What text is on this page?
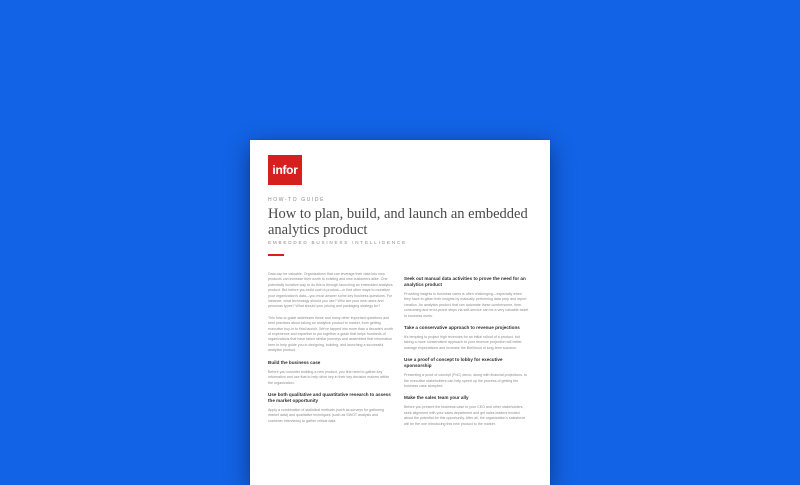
infor
HOW-TO GUIDE
How to plan, build, and launch an embedded analytics product
EMBEDDED BUSINESS INTELLIGENCE

Data can be valuable. Organizations that can leverage their data into new products can increase their worth to existing and new customers alike. One potentially lucrative way to do this is through launching an embedded analytics product. But before you build such a product—or find other ways to monetize your organization's data—you must answer some key business questions. For instance, what technology should you use? Who are your new users and personas types? What should your pricing and packaging strategy be?

This how-to guide addresses these and many other important questions and best practices about taking an analytics product to market, from getting executive buy-in to final launch. We've tapped into more than a decade's worth of experience and expertise to put together a guide that helps hundreds of organizations that have taken similar journeys and assembled that information here to help guide you in designing, building, and launching a successful analytics product.

Build the business case

Before you consider building a new product, you first need to gather key information and use that to help drive key in their key decision makers within the organization.

Use both qualitative and quantitative research to assess the market opportunity

Apply a combination of statistical methods (such as surveys for gathering market data) and qualitative techniques (such as SWOT analysis and customer interviews) to gather critical data.

Seek out manual data activities to prove the need for an analytics product

Providing insights to business users is often challenging—especially when they have to glean their insights by manually performing data prep and report creation. An analytics product that can automate these cumbersome, time-consuming and error-prone steps via self-service can be a very valuable asset to business users.

Take a conservative approach to revenue projections

It's tempting to project high revenues for an initial rollout of a product, but taking a more conservative approach to your revenue projection will better manage expectations and increase the likelihood of long-term success.

Use a proof of concept to lobby for executive sponsorship

Presenting a proof of concept (PoC) demo, along with financial projections, to the executive stakeholders can help speed up the process of getting the business case accepted.

Make the sales team your ally

Before you present the business case to your CEO and other stakeholders, seek alignment with your sales department and get sales leaders excited about the potential for this opportunity. After all, the organization's salesforce will be the one introducing this new product to the market.
